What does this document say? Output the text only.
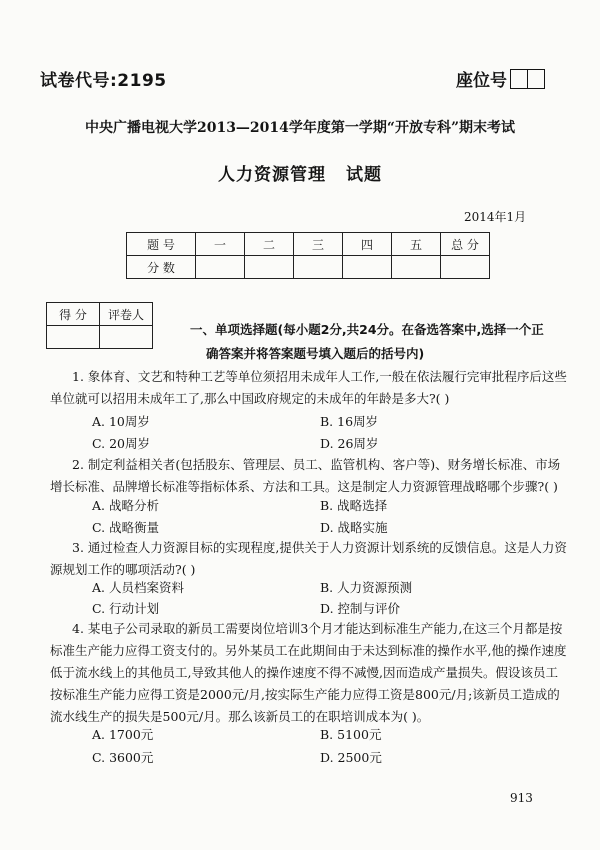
试卷代号:2195	座位号
中央广播电视大学2013—2014学年度第一学期“开放专科”期末考试
人力资源管理 试题
2014年1月
题 号	一	二	三	四	五	总 分
分 数						
得 分	评卷人

一、单项选择题(每小题2分,共24分。在备选答案中,选择一个正
确答案并将答案题号填入题后的括号内)
1. 象体育、文艺和特种工艺等单位须招用未成年人工作,一般在依法履行完审批程序后这些单位就可以招用未成年工了,那么中国政府规定的未成年的年龄是多大?( )
A. 10周岁	B. 16周岁
C. 20周岁	D. 26周岁
2. 制定利益相关者(包括股东、管理层、员工、监管机构、客户等)、财务增长标准、市场增长标准、品牌增长标准等指标体系、方法和工具。这是制定人力资源管理战略哪个步骤?( )
A. 战略分析	B. 战略选择
C. 战略衡量	D. 战略实施
3. 通过检查人力资源目标的实现程度,提供关于人力资源计划系统的反馈信息。这是人力资源规划工作的哪项活动?( )
A. 人员档案资料	B. 人力资源预测
C. 行动计划	D. 控制与评价
4. 某电子公司录取的新员工需要岗位培训3个月才能达到标准生产能力,在这三个月都是按标准生产能力应得工资支付的。另外某员工在此期间由于未达到标准的操作水平,他的操作速度低于流水线上的其他员工,导致其他人的操作速度不得不减慢,因而造成产量损失。假设该员工按标准生产能力应得工资是2000元/月,按实际生产能力应得工资是800元/月;该新员工造成的流水线生产的损失是500元/月。那么该新员工的在职培训成本为( )。
A. 1700元	B. 5100元
C. 3600元	D. 2500元
913
